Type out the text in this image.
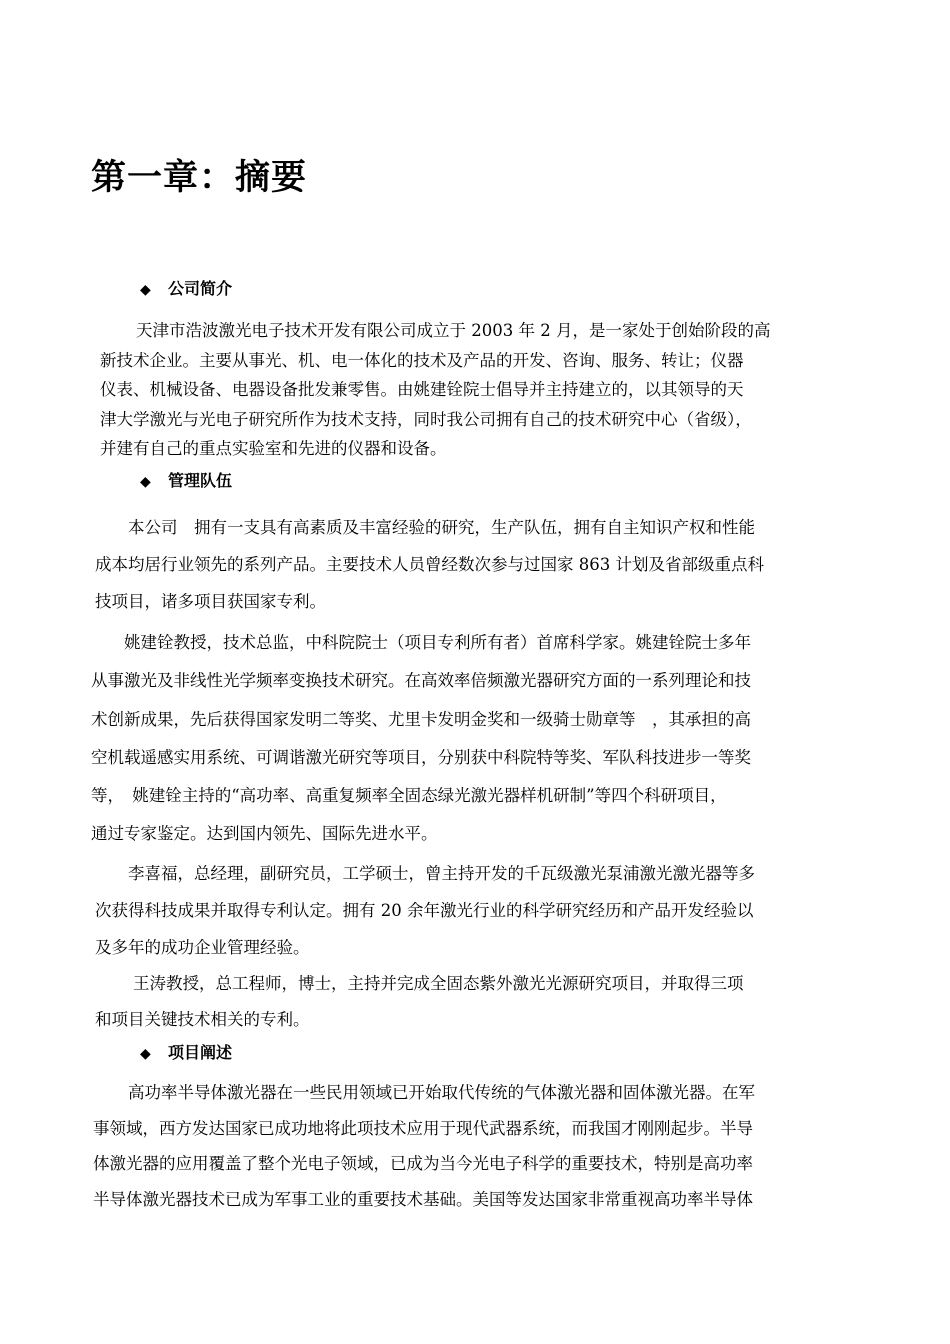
第一章：摘要
◆ 公司简介
天津市浩波激光电子技术开发有限公司成立于 2003 年 2 月，是一家处于创始阶段的高
新技术企业。主要从事光、机、电一体化的技术及产品的开发、咨询、服务、转让；仪器
仪表、机械设备、电器设备批发兼零售。由姚建铨院士倡导并主持建立的，以其领导的天
津大学激光与光电子研究所作为技术支持，同时我公司拥有自己的技术研究中心（省级），
并建有自己的重点实验室和先进的仪器和设备。
◆ 管理队伍
本公司　拥有一支具有高素质及丰富经验的研究，生产队伍，拥有自主知识产权和性能
成本均居行业领先的系列产品。主要技术人员曾经数次参与过国家 863 计划及省部级重点科
技项目，诸多项目获国家专利。
姚建铨教授，技术总监，中科院院士（项目专利所有者）首席科学家。姚建铨院士多年
从事激光及非线性光学频率变换技术研究。在高效率倍频激光器研究方面的一系列理论和技
术创新成果，先后获得国家发明二等奖、尤里卡发明金奖和一级骑士勋章等　，其承担的高
空机载遥感实用系统、可调谐激光研究等项目，分别获中科院特等奖、军队科技进步一等奖
等，　姚建铨主持的“高功率、高重复频率全固态绿光激光器样机研制”等四个科研项目，
通过专家鉴定。达到国内领先、国际先进水平。
李喜福，总经理，副研究员，工学硕士，曾主持开发的千瓦级激光泵浦激光激光器等多
次获得科技成果并取得专利认定。拥有 20 余年激光行业的科学研究经历和产品开发经验以
及多年的成功企业管理经验。
王涛教授，总工程师，博士，主持并完成全固态紫外激光光源研究项目，并取得三项
和项目关键技术相关的专利。
◆ 项目阐述
高功率半导体激光器在一些民用领域已开始取代传统的气体激光器和固体激光器。在军
事领域，西方发达国家已成功地将此项技术应用于现代武器系统，而我国才刚刚起步。半导
体激光器的应用覆盖了整个光电子领域，已成为当今光电子科学的重要技术，特别是高功率
半导体激光器技术已成为军事工业的重要技术基础。美国等发达国家非常重视高功率半导体
